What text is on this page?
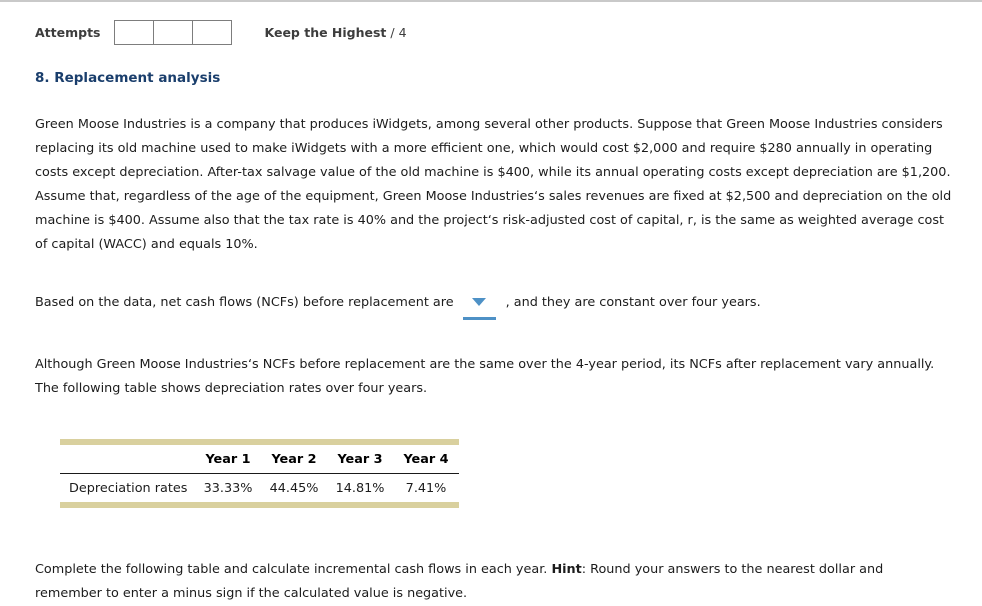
Attempts	Keep the Highest / 4
8. Replacement analysis
Green Moose Industries is a company that produces iWidgets, among several other products. Suppose that Green Moose Industries considers replacing its old machine used to make iWidgets with a more efficient one, which would cost $2,000 and require $280 annually in operating costs except depreciation. After-tax salvage value of the old machine is $400, while its annual operating costs except depreciation are $1,200. Assume that, regardless of the age of the equipment, Green Moose Industries‘s sales revenues are fixed at $2,500 and depreciation on the old machine is $400. Assume also that the tax rate is 40% and the project‘s risk-adjusted cost of capital, r, is the same as weighted average cost of capital (WACC) and equals 10%.
Based on the data, net cash flows (NCFs) before replacement are	, and they are constant over four years.
Although Green Moose Industries‘s NCFs before replacement are the same over the 4-year period, its NCFs after replacement vary annually. The following table shows depreciation rates over four years.
	Year 1	Year 2	Year 3	Year 4
Depreciation rates	33.33%	44.45%	14.81%	7.41%
Complete the following table and calculate incremental cash flows in each year. Hint: Round your answers to the nearest dollar and remember to enter a minus sign if the calculated value is negative.
